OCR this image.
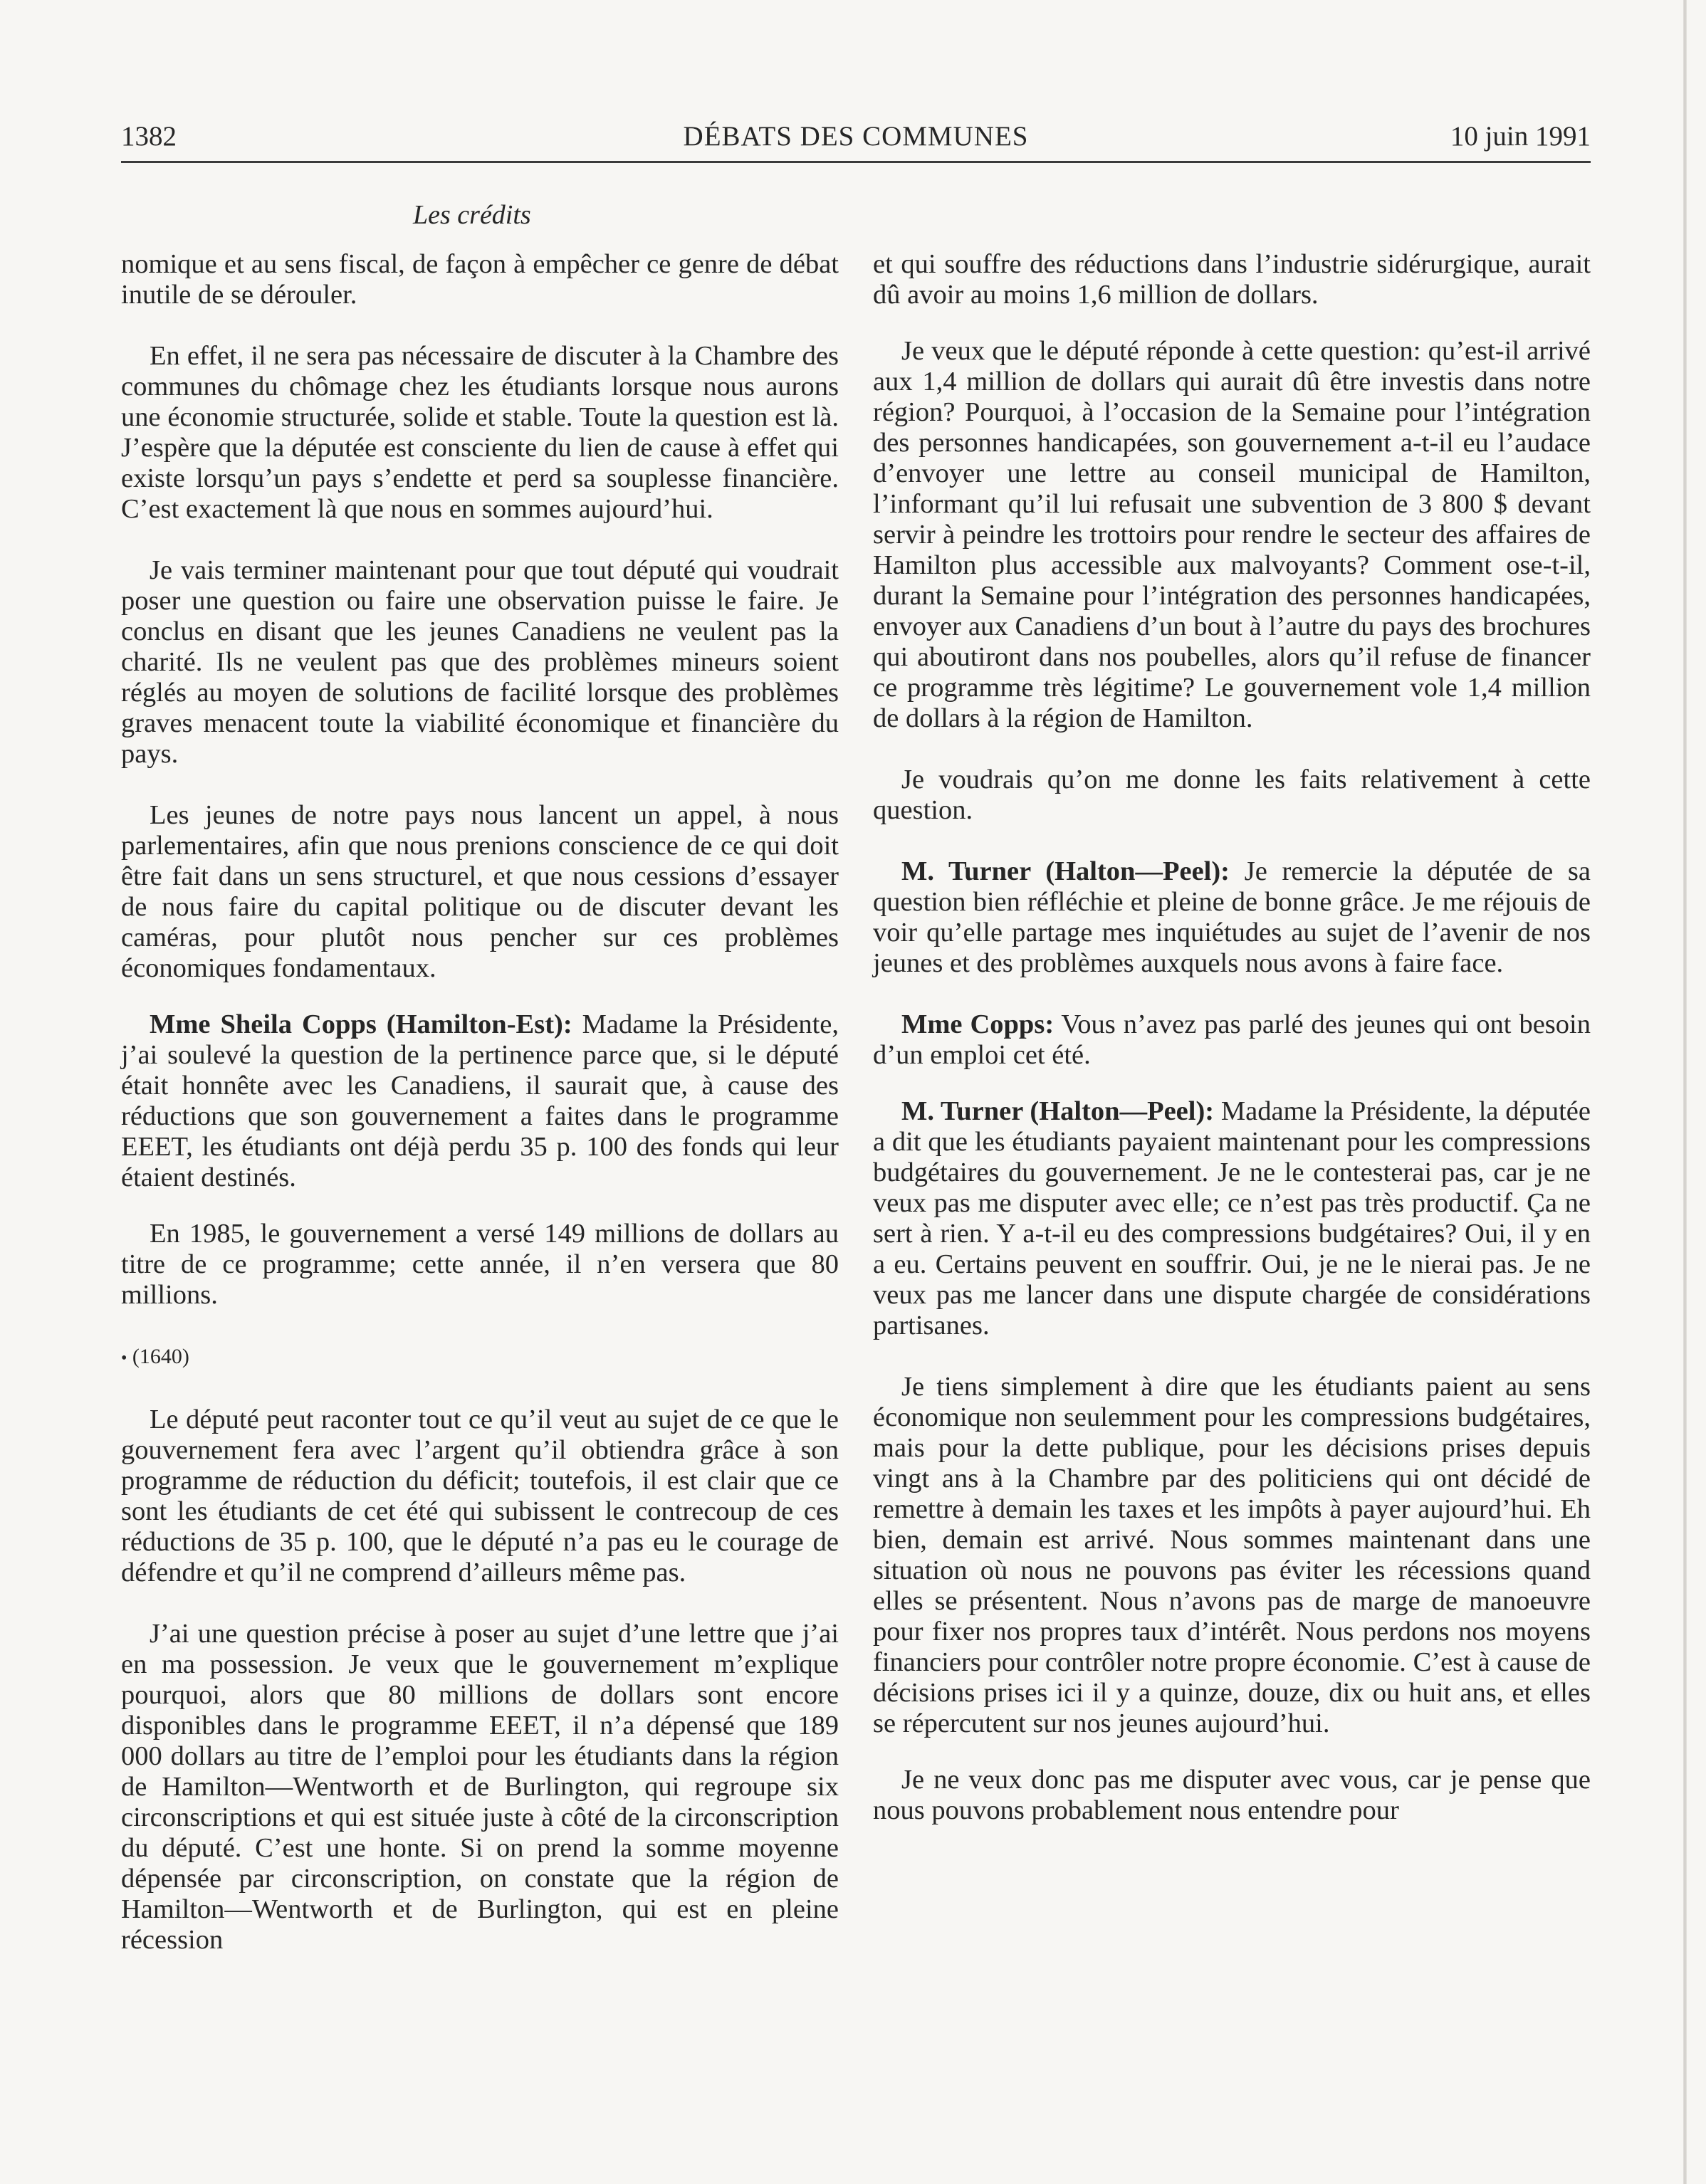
1382	DÉBATS DES COMMUNES	10 juin 1991
Les crédits

nomique et au sens fiscal, de façon à empêcher ce genre de débat inutile de se dérouler.

En effet, il ne sera pas nécessaire de discuter à la Chambre des communes du chômage chez les étudiants lorsque nous aurons une économie structurée, solide et stable. Toute la question est là. J’espère que la députée est consciente du lien de cause à effet qui existe lorsqu’un pays s’endette et perd sa souplesse financière. C’est exactement là que nous en sommes aujourd’hui.

Je vais terminer maintenant pour que tout député qui voudrait poser une question ou faire une observation puisse le faire. Je conclus en disant que les jeunes Canadiens ne veulent pas la charité. Ils ne veulent pas que des problèmes mineurs soient réglés au moyen de solutions de facilité lorsque des problèmes graves menacent toute la viabilité économique et financière du pays.

Les jeunes de notre pays nous lancent un appel, à nous parlementaires, afin que nous prenions conscience de ce qui doit être fait dans un sens structurel, et que nous cessions d’essayer de nous faire du capital politique ou de discuter devant les caméras, pour plutôt nous pencher sur ces problèmes économiques fondamentaux.

Mme Sheila Copps (Hamilton-Est): Madame la Présidente, j’ai soulevé la question de la pertinence parce que, si le député était honnête avec les Canadiens, il saurait que, à cause des réductions que son gouvernement a faites dans le programme EEET, les étudiants ont déjà perdu 35 p. 100 des fonds qui leur étaient destinés.

En 1985, le gouvernement a versé 149 millions de dollars au titre de ce programme; cette année, il n’en versera que 80 millions.

• (1640)

Le député peut raconter tout ce qu’il veut au sujet de ce que le gouvernement fera avec l’argent qu’il obtiendra grâce à son programme de réduction du déficit; toutefois, il est clair que ce sont les étudiants de cet été qui subissent le contrecoup de ces réductions de 35 p. 100, que le député n’a pas eu le courage de défendre et qu’il ne comprend d’ailleurs même pas.

J’ai une question précise à poser au sujet d’une lettre que j’ai en ma possession. Je veux que le gouvernement m’explique pourquoi, alors que 80 millions de dollars sont encore disponibles dans le programme EEET, il n’a dépensé que 189 000 dollars au titre de l’emploi pour les étudiants dans la région de Hamilton—Wentworth et de Burlington, qui regroupe six circonscriptions et qui est située juste à côté de la circonscription du député. C’est une honte. Si on prend la somme moyenne dépensée par circonscription, on constate que la région de Hamilton—Wentworth et de Burlington, qui est en pleine récession

et qui souffre des réductions dans l’industrie sidérurgique, aurait dû avoir au moins 1,6 million de dollars.

Je veux que le député réponde à cette question: qu’est-il arrivé aux 1,4 million de dollars qui aurait dû être investis dans notre région? Pourquoi, à l’occasion de la Semaine pour l’intégration des personnes handicapées, son gouvernement a-t-il eu l’audace d’envoyer une lettre au conseil municipal de Hamilton, l’informant qu’il lui refusait une subvention de 3 800 $ devant servir à peindre les trottoirs pour rendre le secteur des affaires de Hamilton plus accessible aux malvoyants? Comment ose-t-il, durant la Semaine pour l’intégration des personnes handicapées, envoyer aux Canadiens d’un bout à l’autre du pays des brochures qui aboutiront dans nos poubelles, alors qu’il refuse de financer ce programme très légitime? Le gouvernement vole 1,4 million de dollars à la région de Hamilton.

Je voudrais qu’on me donne les faits relativement à cette question.

M. Turner (Halton—Peel): Je remercie la députée de sa question bien réfléchie et pleine de bonne grâce. Je me réjouis de voir qu’elle partage mes inquiétudes au sujet de l’avenir de nos jeunes et des problèmes auxquels nous avons à faire face.

Mme Copps: Vous n’avez pas parlé des jeunes qui ont besoin d’un emploi cet été.

M. Turner (Halton—Peel): Madame la Présidente, la députée a dit que les étudiants payaient maintenant pour les compressions budgétaires du gouvernement. Je ne le contesterai pas, car je ne veux pas me disputer avec elle; ce n’est pas très productif. Ça ne sert à rien. Y a-t-il eu des compressions budgétaires? Oui, il y en a eu. Certains peuvent en souffrir. Oui, je ne le nierai pas. Je ne veux pas me lancer dans une dispute chargée de considérations partisanes.

Je tiens simplement à dire que les étudiants paient au sens économique non seulemment pour les compressions budgétaires, mais pour la dette publique, pour les décisions prises depuis vingt ans à la Chambre par des politiciens qui ont décidé de remettre à demain les taxes et les impôts à payer aujourd’hui. Eh bien, demain est arrivé. Nous sommes maintenant dans une situation où nous ne pouvons pas éviter les récessions quand elles se présentent. Nous n’avons pas de marge de manoeuvre pour fixer nos propres taux d’intérêt. Nous perdons nos moyens financiers pour contrôler notre propre économie. C’est à cause de décisions prises ici il y a quinze, douze, dix ou huit ans, et elles se répercutent sur nos jeunes aujourd’hui.

Je ne veux donc pas me disputer avec vous, car je pense que nous pouvons probablement nous entendre pour
